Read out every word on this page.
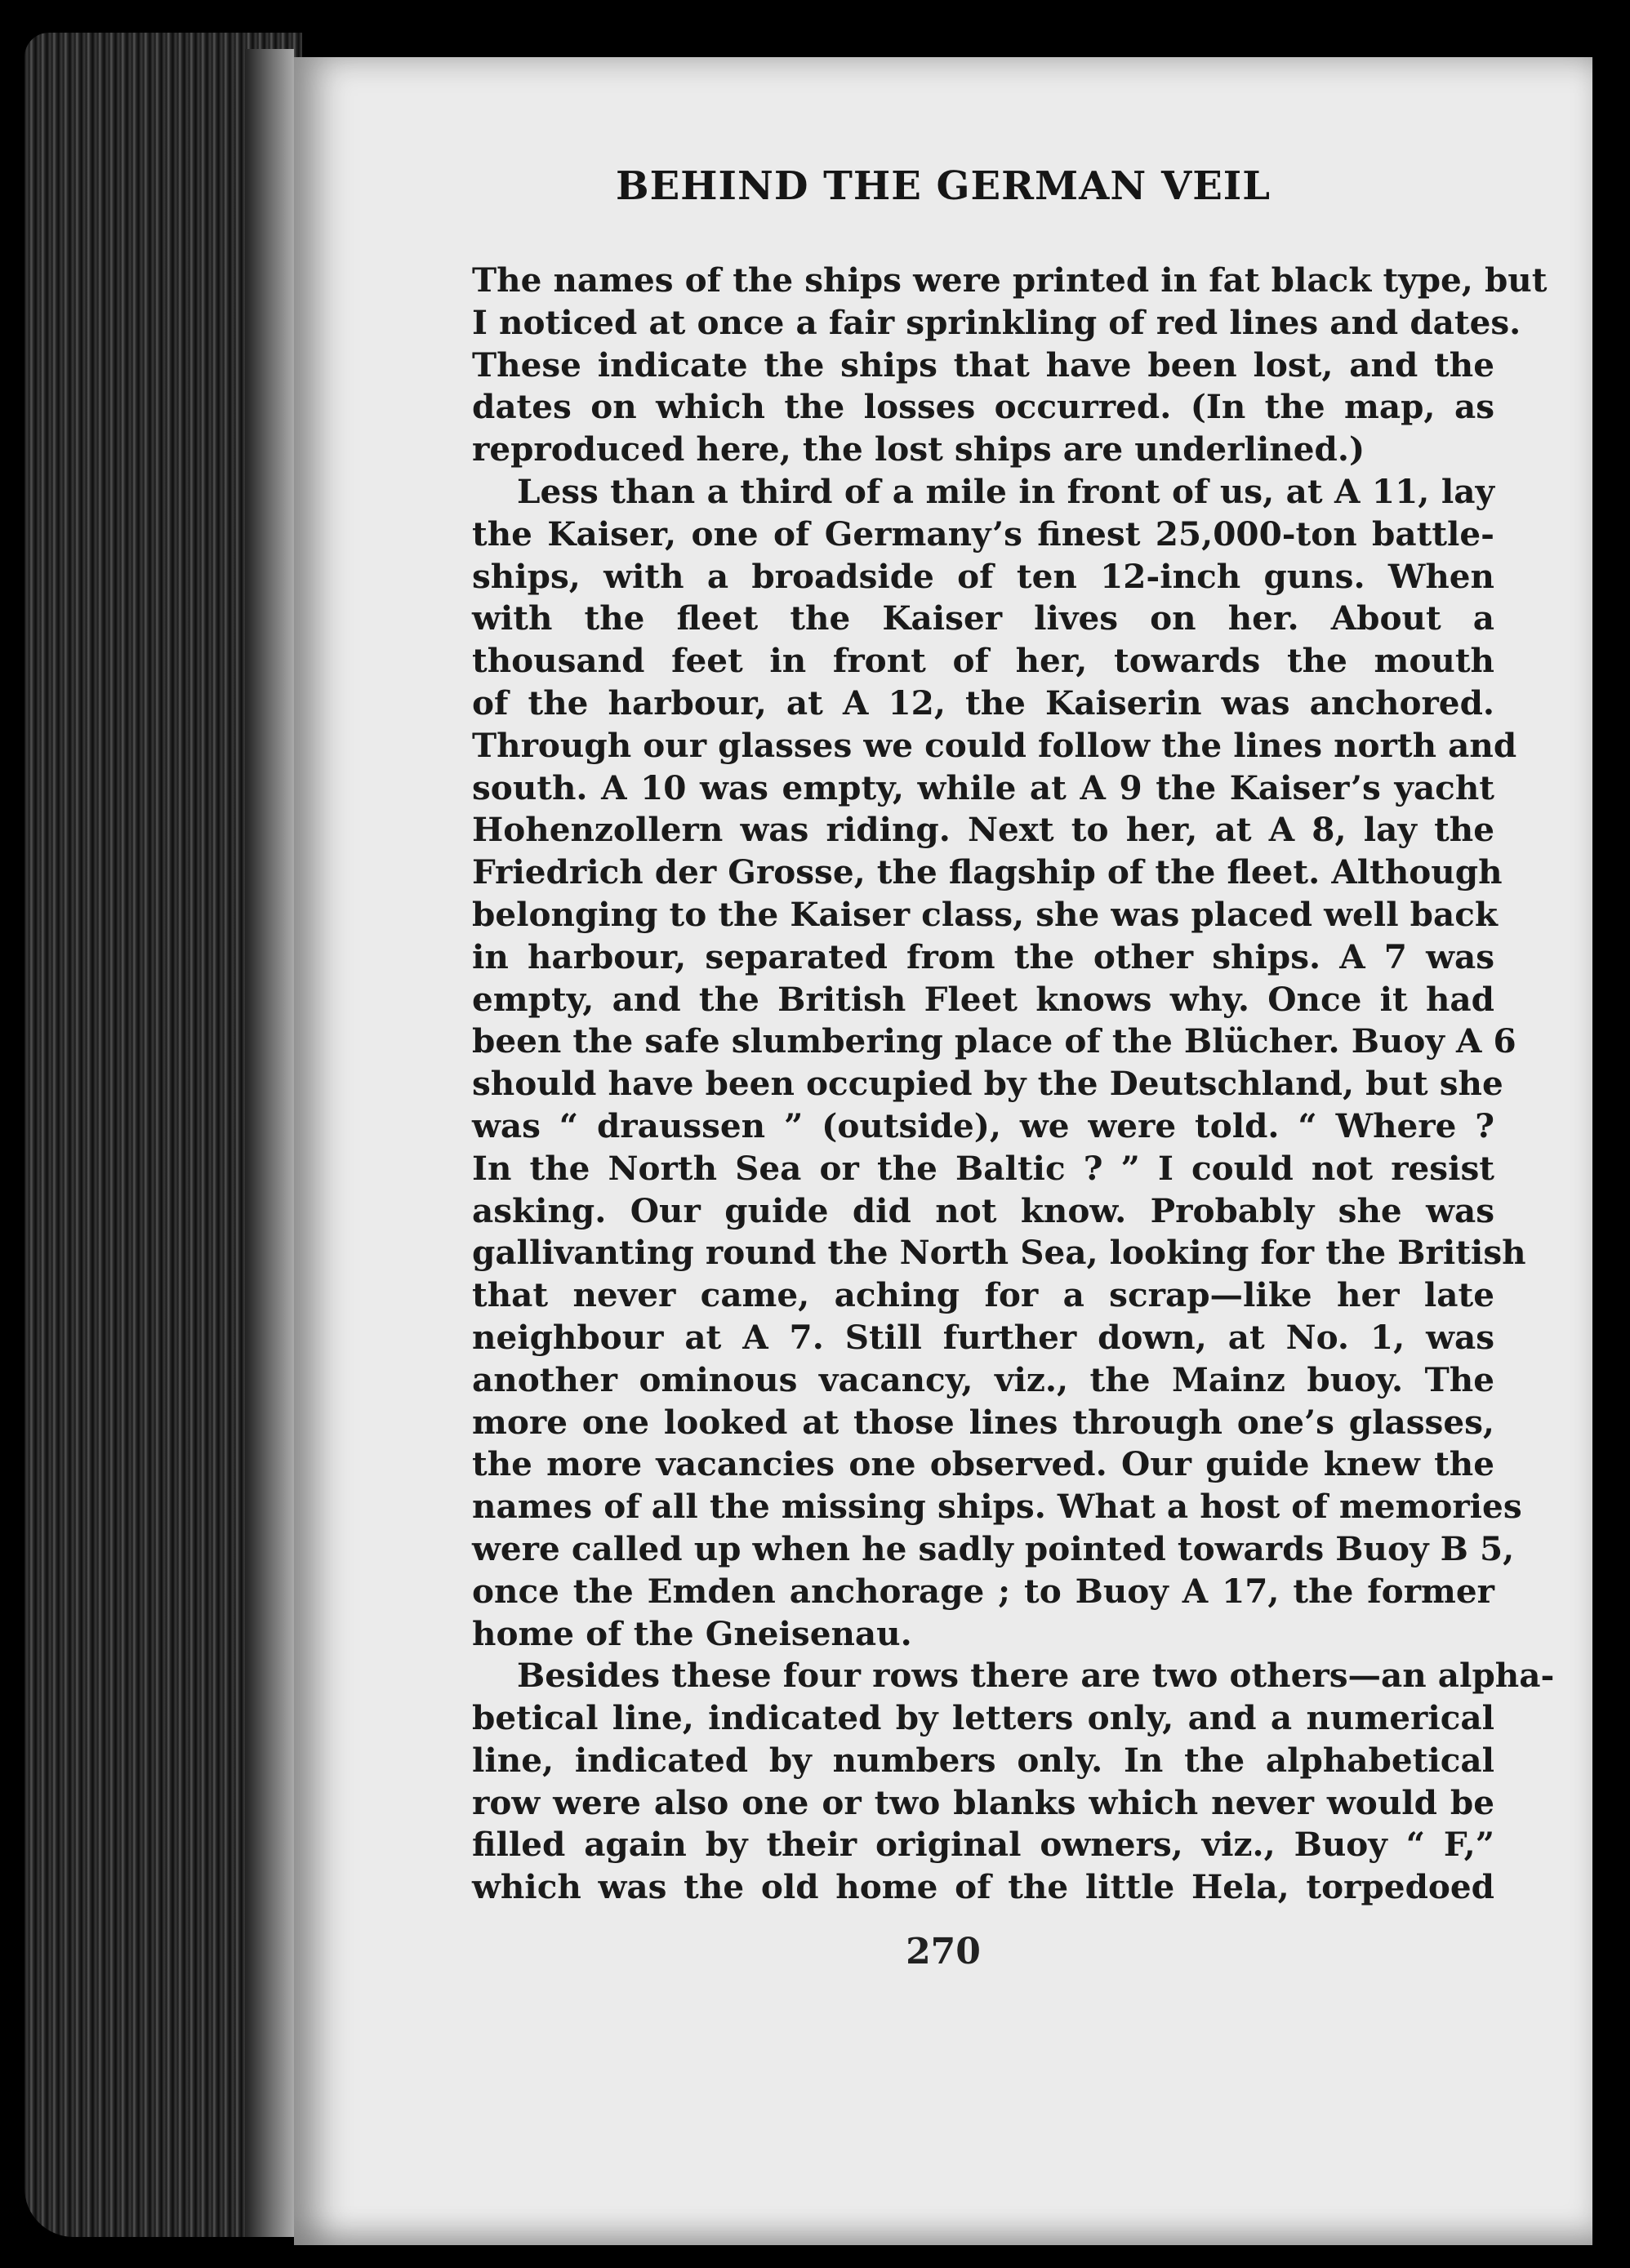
BEHIND THE GERMAN VEIL
The names of the ships were printed in fat black type, but
I noticed at once a fair sprinkling of red lines and dates.
These indicate the ships that have been lost, and the
dates on which the losses occurred. (In the map, as
reproduced here, the lost ships are underlined.)
Less than a third of a mile in front of us, at A 11, lay
the Kaiser, one of Germany’s finest 25,000-ton battle-
ships, with a broadside of ten 12-inch guns. When
with the fleet the Kaiser lives on her. About a
thousand feet in front of her, towards the mouth
of the harbour, at A 12, the Kaiserin was anchored.
Through our glasses we could follow the lines north and
south. A 10 was empty, while at A 9 the Kaiser’s yacht
Hohenzollern was riding. Next to her, at A 8, lay the
Friedrich der Grosse, the flagship of the fleet. Although
belonging to the Kaiser class, she was placed well back
in harbour, separated from the other ships. A 7 was
empty, and the British Fleet knows why. Once it had
been the safe slumbering place of the Blücher. Buoy A 6
should have been occupied by the Deutschland, but she
was “ draussen ” (outside), we were told. “ Where ?
In the North Sea or the Baltic ? ” I could not resist
asking. Our guide did not know. Probably she was
gallivanting round the North Sea, looking for the British
that never came, aching for a scrap—like her late
neighbour at A 7. Still further down, at No. 1, was
another ominous vacancy, viz., the Mainz buoy. The
more one looked at those lines through one’s glasses,
the more vacancies one observed. Our guide knew the
names of all the missing ships. What a host of memories
were called up when he sadly pointed towards Buoy B 5,
once the Emden anchorage ; to Buoy A 17, the former
home of the Gneisenau.
Besides these four rows there are two others—an alpha-
betical line, indicated by letters only, and a numerical
line, indicated by numbers only. In the alphabetical
row were also one or two blanks which never would be
filled again by their original owners, viz., Buoy “ F,”
which was the old home of the little Hela, torpedoed
270
